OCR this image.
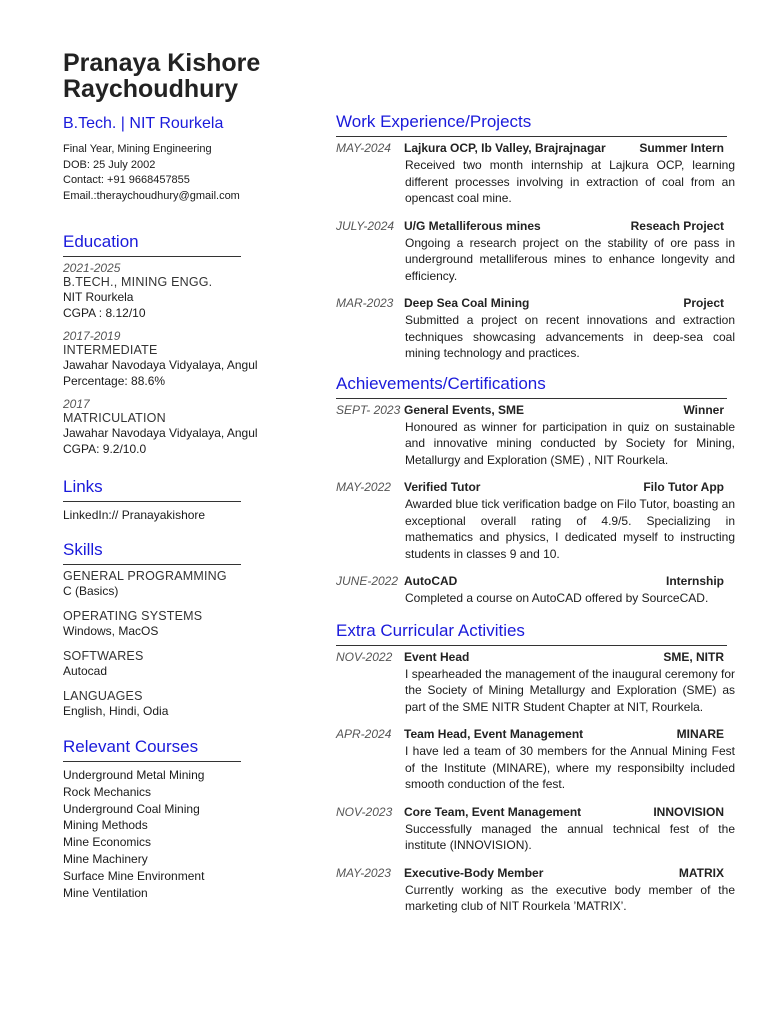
Pranaya Kishore
Raychoudhury
B.Tech. | NIT Rourkela
Final Year, Mining Engineering
DOB: 25 July 2002
Contact: +91 9668457855
Email.:theraychoudhury@gmail.com
Education
2021-2025
B.TECH., MINING ENGG.
NIT Rourkela
CGPA : 8.12/10
2017-2019
INTERMEDIATE
Jawahar Navodaya Vidyalaya, Angul
Percentage: 88.6%
2017
MATRICULATION
Jawahar Navodaya Vidyalaya, Angul
CGPA: 9.2/10.0
Links
LinkedIn:// Pranayakishore
Skills
GENERAL PROGRAMMING
C (Basics)
OPERATING SYSTEMS
Windows, MacOS
SOFTWARES
Autocad
LANGUAGES
English, Hindi, Odia
Relevant Courses
Underground Metal Mining
Rock Mechanics
Underground Coal Mining
Mining Methods
Mine Economics
Mine Machinery
Surface Mine Environment
Mine Ventilation
Work Experience/Projects
MAY-2024	Lajkura OCP, Ib Valley, Brajrajnagar	Summer Intern
Received two month internship at Lajkura OCP, learning different processes involving in extraction of coal from an opencast coal mine.
JULY-2024 U/G Metalliferous mines	Reseach Project
Ongoing a research project on the stability of ore pass in underground metalliferous mines to enhance longevity and efficiency.
MAR-2023 Deep Sea Coal Mining	Project
Submitted a project on recent innovations and extraction techniques showcasing advancements in deep-sea coal mining technology and practices.
Achievements/Certifications
SEPT- 2023 General Events, SME	Winner
Honoured as winner for participation in quiz on sustainable and innovative mining conducted by Society for Mining, Metallurgy and Exploration (SME) , NIT Rourkela.
MAY-2022	Verified Tutor	Filo Tutor App
Awarded blue tick verification badge on Filo Tutor, boasting an exceptional overall rating of 4.9/5. Specializing in mathematics and physics, I dedicated myself to instructing students in classes 9 and 10.
JUNE-2022 AutoCAD	Internship
Completed a course on AutoCAD offered by SourceCAD.
Extra Curricular Activities
NOV-2022 Event Head	SME, NITR
I spearheaded the management of the inaugural ceremony for the Society of Mining Metallurgy and Exploration (SME) as part of the SME NITR Student Chapter at NIT, Rourkela.
APR-2024	Team Head, Event Management	MINARE
I have led a team of 30 members for the Annual Mining Fest of the Institute (MINARE), where my responsibilty included smooth conduction of the fest.
NOV-2023 Core Team, Event Management	INNOVISION
Successfully managed the annual technical fest of the institute (INNOVISION).
MAY-2023	Executive-Body Member	MATRIX
Currently working as the executive body member of the marketing club of NIT Rourkela ’MATRIX’.
